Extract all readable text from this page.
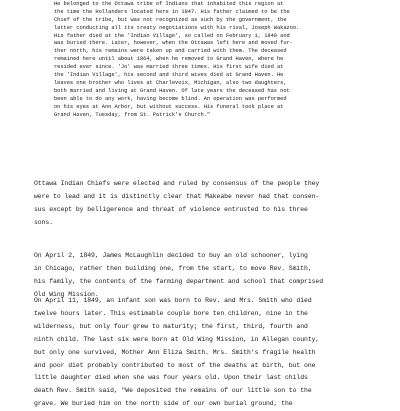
He belonged to the Ottawa tribe of Indians that inhabited this region at
the time the Hollanders located here in 1847. His father claimed to be the
Chief of the tribe, but was not recognized as such by the government, the
latter conducting all its treaty negotiations with his rival, Joseph Wakazoo.
His father died at the 'Indian Village', so called on February 1, 1849 and
was buried there. Later, however, when the Ottawas left here and moved fur-
ther north, his remains were taken up and carried with them. The deceased
remained here until about 1864, when he removed to Grand Haven, where he
resided ever since. 'Jo' was married three times. His first wife died at
the 'Indian Village', his second and third wives died at Grand Haven. He
leaves one brother who lives at Charlevoix, Michigan, also two daughters,
both married and living at Grand Haven. Of late years the deceased has not
been able to do any work, having become blind. An operation was performed
on his eyes at Ann Arbor, but without success. His funeral took place at
Grand Haven, Tuesday, from St. Patrick's Church."
Ottawa Indian Chiefs were elected and ruled by consensus of the people they
were to lead and it is distinctly clear that Makeabe never had that consen-
sus except by belligerence and threat of violence entrusted to his three
sons.
On April 2, 1849, James McLaughlin decided to buy an old schooner, lying
in Chicago, rather then building one, from the start, to move Rev. Smith,
his family, the contents of the farming department and school that comprised
Old Wing Mission.
On April 11, 1849, an infant son was born to Rev. and Mrs. Smith who died
twelve hours later. This estimable couple bore ten children, nine in the
wilderness, but only four grew to maturity; the first, third, fourth and
ninth child. The last six were born at Old Wing Mission, in Allegan county,
but only one survived, Mother Ann Eliza Smith. Mrs. Smith's fragile health
and poor diet probably contributed to most of the deaths at birth, but one
little daughter died when she was four years old. Upon their last childs
death Rev. Smith said, "We deposited the remains of our little son to the
grave. We buried him on the north side of our own burial ground, the
